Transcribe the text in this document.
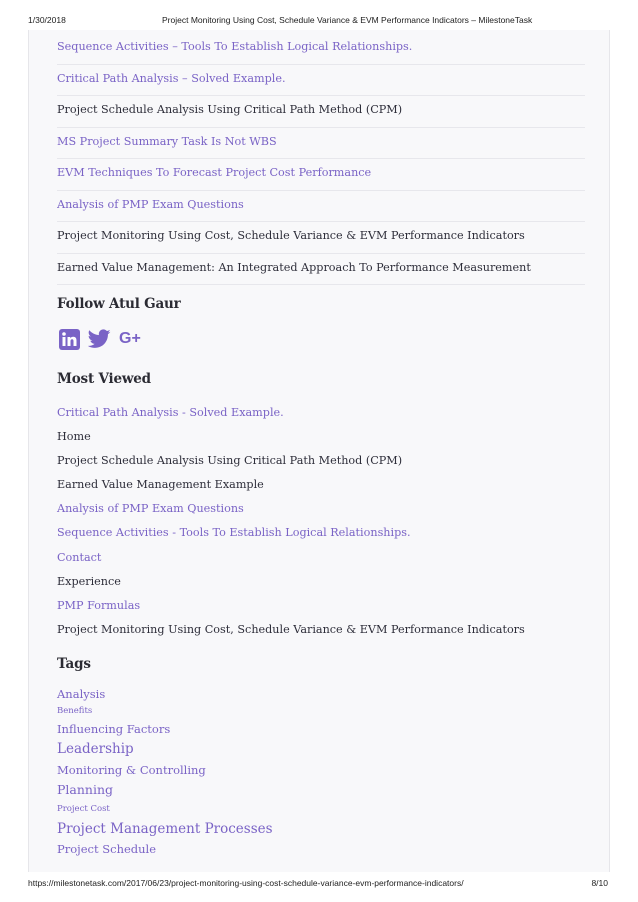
1/30/2018	Project Monitoring Using Cost, Schedule Variance & EVM Performance Indicators – MilestoneTask
Sequence Activities – Tools To Establish Logical Relationships.
Critical Path Analysis – Solved Example.
Project Schedule Analysis Using Critical Path Method (CPM)
MS Project Summary Task Is Not WBS
EVM Techniques To Forecast Project Cost Performance
Analysis of PMP Exam Questions
Project Monitoring Using Cost, Schedule Variance & EVM Performance Indicators
Earned Value Management: An Integrated Approach To Performance Measurement
Follow Atul Gaur
G+
Most Viewed
Critical Path Analysis - Solved Example.
Home
Project Schedule Analysis Using Critical Path Method (CPM)
Earned Value Management Example
Analysis of PMP Exam Questions
Sequence Activities - Tools To Establish Logical Relationships.
Contact
Experience
PMP Formulas
Project Monitoring Using Cost, Schedule Variance & EVM Performance Indicators
Tags
Analysis
Benefits
Influencing Factors
Leadership
Monitoring & Controlling
Planning
Project Cost
Project Management Processes
Project Schedule
https://milestonetask.com/2017/06/23/project-monitoring-using-cost-schedule-variance-evm-performance-indicators/	8/10
